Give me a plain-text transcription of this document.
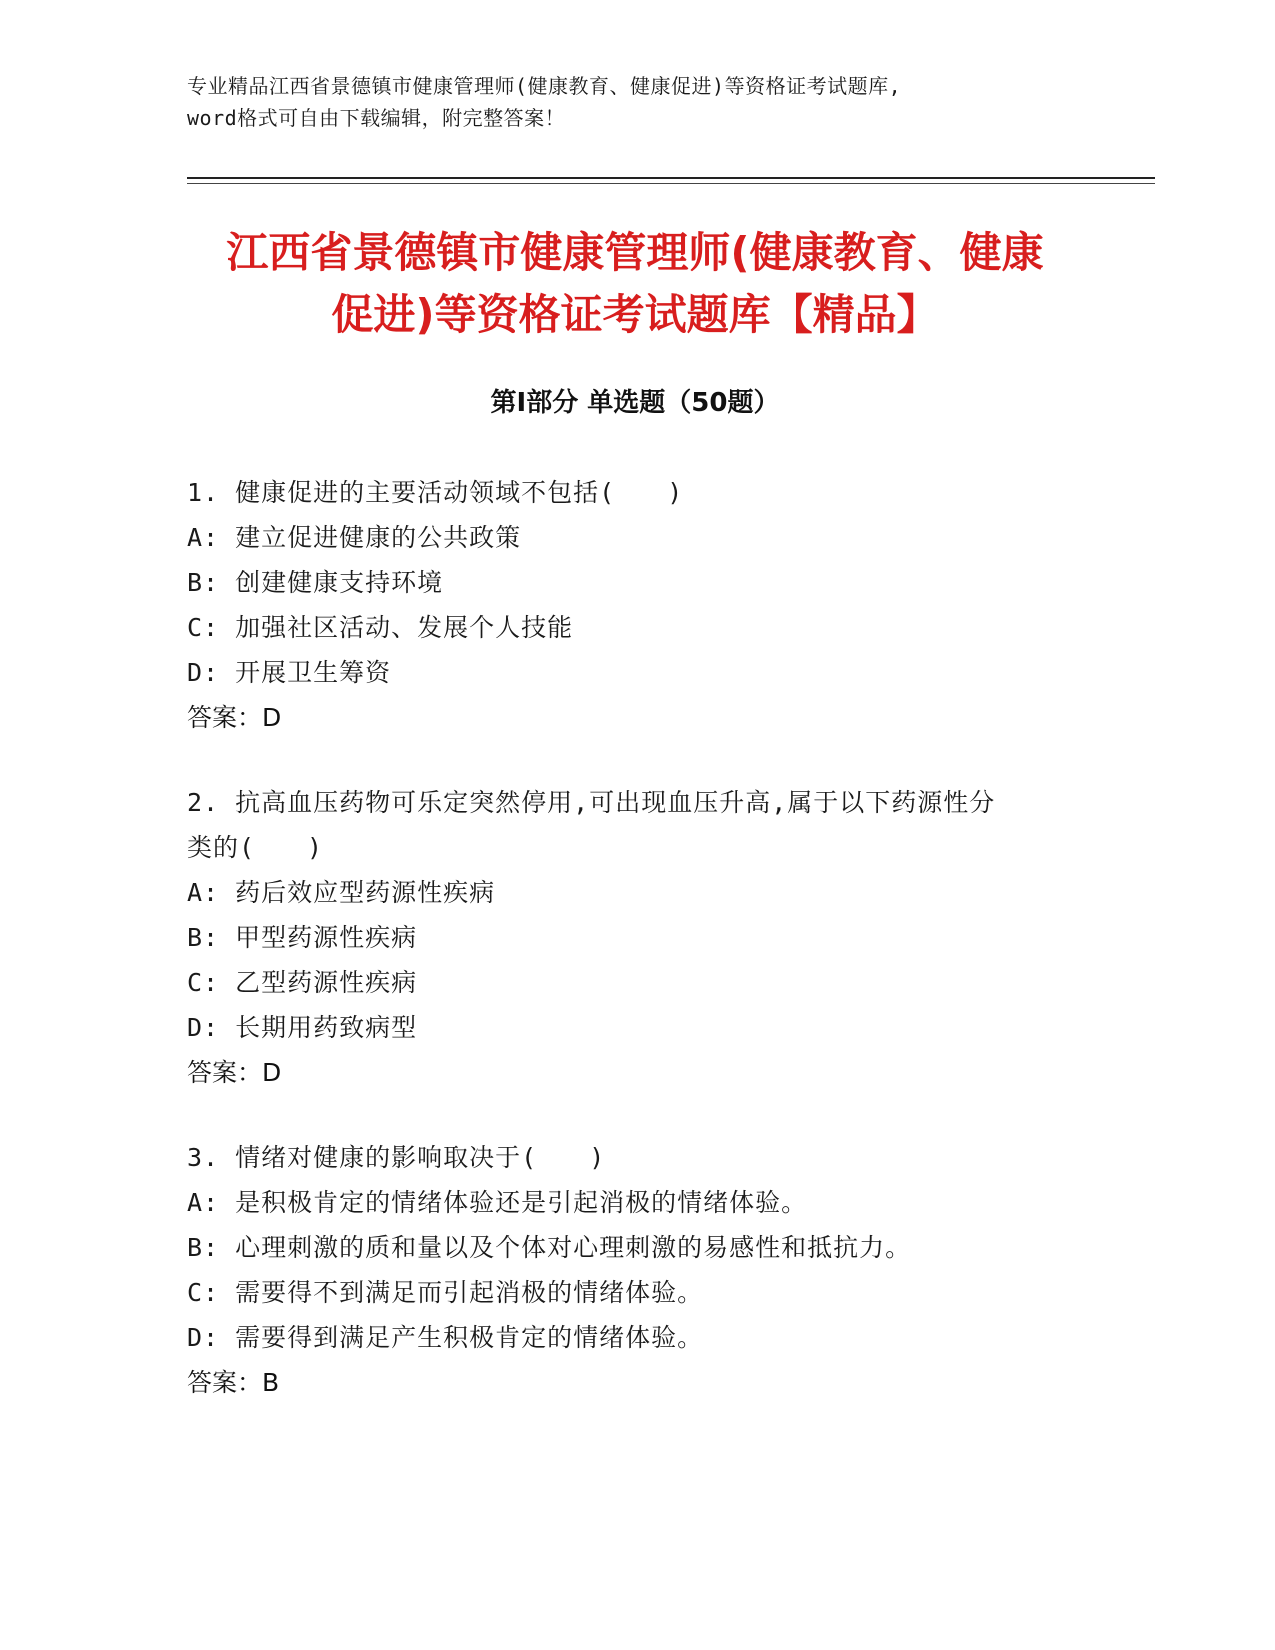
专业精品江西省景德镇市健康管理师(健康教育、健康促进)等资格证考试题库,
word格式可自由下载编辑，附完整答案！
江西省景德镇市健康管理师(健康教育、健康
促进)等资格证考试题库【精品】
第Ⅰ部分 单选题（50题）

1. 健康促进的主要活动领域不包括(　　)

A: 建立促进健康的公共政策

B: 创建健康支持环境

C: 加强社区活动、发展个人技能

D: 开展卫生筹资

答案：D

2. 抗高血压药物可乐定突然停用,可出现血压升高,属于以下药源性分

类的(　　)

A: 药后效应型药源性疾病

B: 甲型药源性疾病

C: 乙型药源性疾病

D: 长期用药致病型

答案：D

3. 情绪对健康的影响取决于(　　)

A: 是积极肯定的情绪体验还是引起消极的情绪体验。

B: 心理刺激的质和量以及个体对心理刺激的易感性和抵抗力。

C: 需要得不到满足而引起消极的情绪体验。

D: 需要得到满足产生积极肯定的情绪体验。

答案：B
